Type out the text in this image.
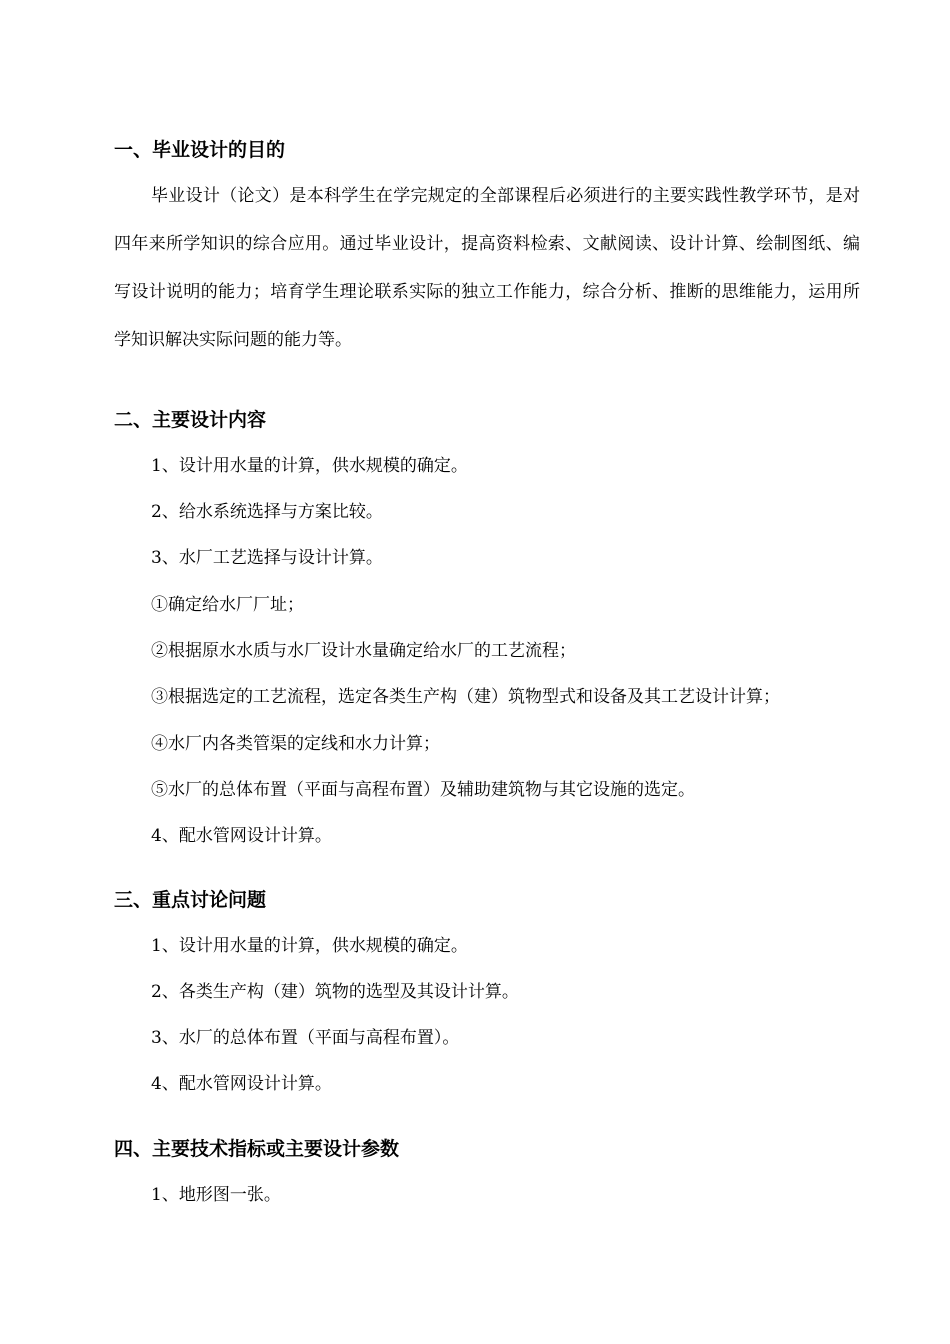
一、毕业设计的目的
毕业设计（论文）是本科学生在学完规定的全部课程后必须进行的主要实践性教学环节，是对四年来所学知识的综合应用。通过毕业设计，提高资料检索、文献阅读、设计计算、绘制图纸、编写设计说明的能力；培育学生理论联系实际的独立工作能力，综合分析、推断的思维能力，运用所学知识解决实际问题的能力等。
二、主要设计内容
1、设计用水量的计算，供水规模的确定。
2、给水系统选择与方案比较。
3、水厂工艺选择与设计计算。
①确定给水厂厂址；
②根据原水水质与水厂设计水量确定给水厂的工艺流程；
③根据选定的工艺流程，选定各类生产构（建）筑物型式和设备及其工艺设计计算；
④水厂内各类管渠的定线和水力计算；
⑤水厂的总体布置（平面与高程布置）及辅助建筑物与其它设施的选定。
4、配水管网设计计算。
三、重点讨论问题
1、设计用水量的计算，供水规模的确定。
2、各类生产构（建）筑物的选型及其设计计算。
3、水厂的总体布置（平面与高程布置）。
4、配水管网设计计算。
四、主要技术指标或主要设计参数
1、地形图一张。
